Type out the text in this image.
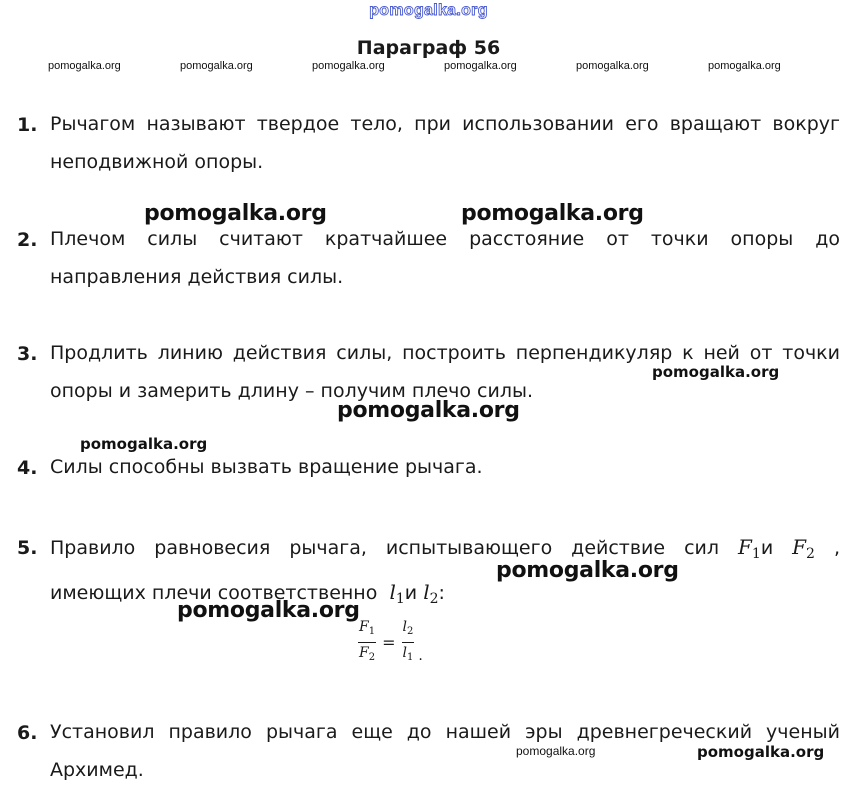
pomogalka.org
Параграф 56
pomogalka.org	pomogalka.org	pomogalka.org	pomogalka.org	pomogalka.org	pomogalka.org
1. Рычагом называют твердое тело, при использовании его вращают вокруг
неподвижной опоры.
2. Плечом силы считают кратчайшее расстояние от точки опоры до
направления действия силы.
3. Продлить линию действия силы, построить перпендикуляр к ней от точки
опоры и замерить длину – получим плечо силы.
4. Силы способны вызвать вращение рычага.
5. Правило равновесия рычага, испытывающего действие сил $F_1и$ $F_2$ ,
имеющих плечи соответственно $l_1и$ $l_2$:
$\frac{F_1}{F_2} = \frac{l_2}{l_1}$ .
6. Установил правило рычага еще до нашей эры древнегреческий ученый
Архимед.
pomogalka.org	pomogalka.org
pomogalka.org
pomogalka.org
pomogalka.org
pomogalka.org
pomogalka.org
pomogalka.org	pomogalka.org
